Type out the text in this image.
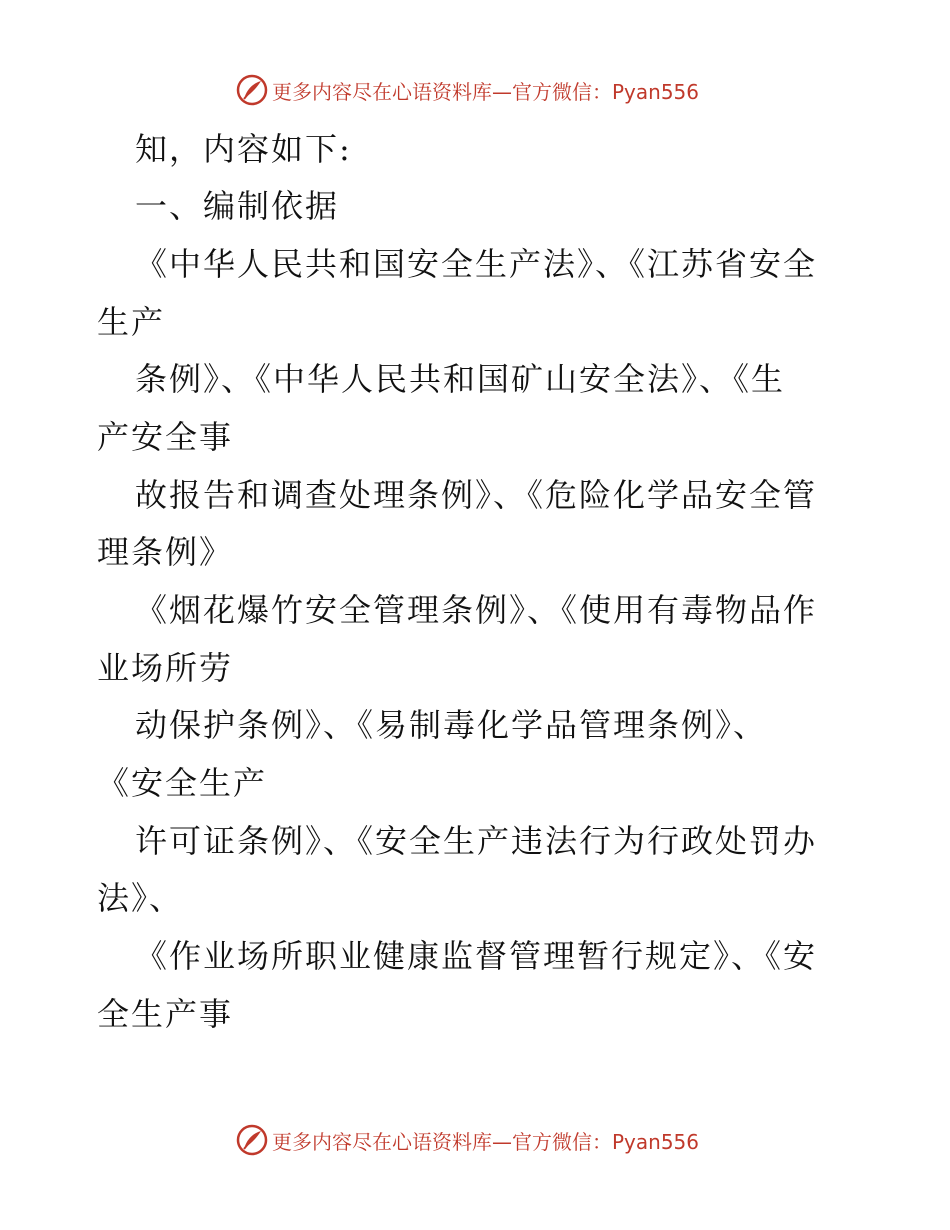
更多内容尽在心语资料库—官方微信：Pyan556
知，内容如下:
一、编制依据
《中华人民共和国安全生产法》、《江苏省安全
生产
条例》、《中华人民共和国矿山安全法》、《生
产安全事
故报告和调查处理条例》、《危险化学品安全管
理条例》
《烟花爆竹安全管理条例》、《使用有毒物品作
业场所劳
动保护条例》、《易制毒化学品管理条例》、
《安全生产
许可证条例》、《安全生产违法行为行政处罚办
法》、
《作业场所职业健康监督管理暂行规定》、《安
全生产事
更多内容尽在心语资料库—官方微信：Pyan556
